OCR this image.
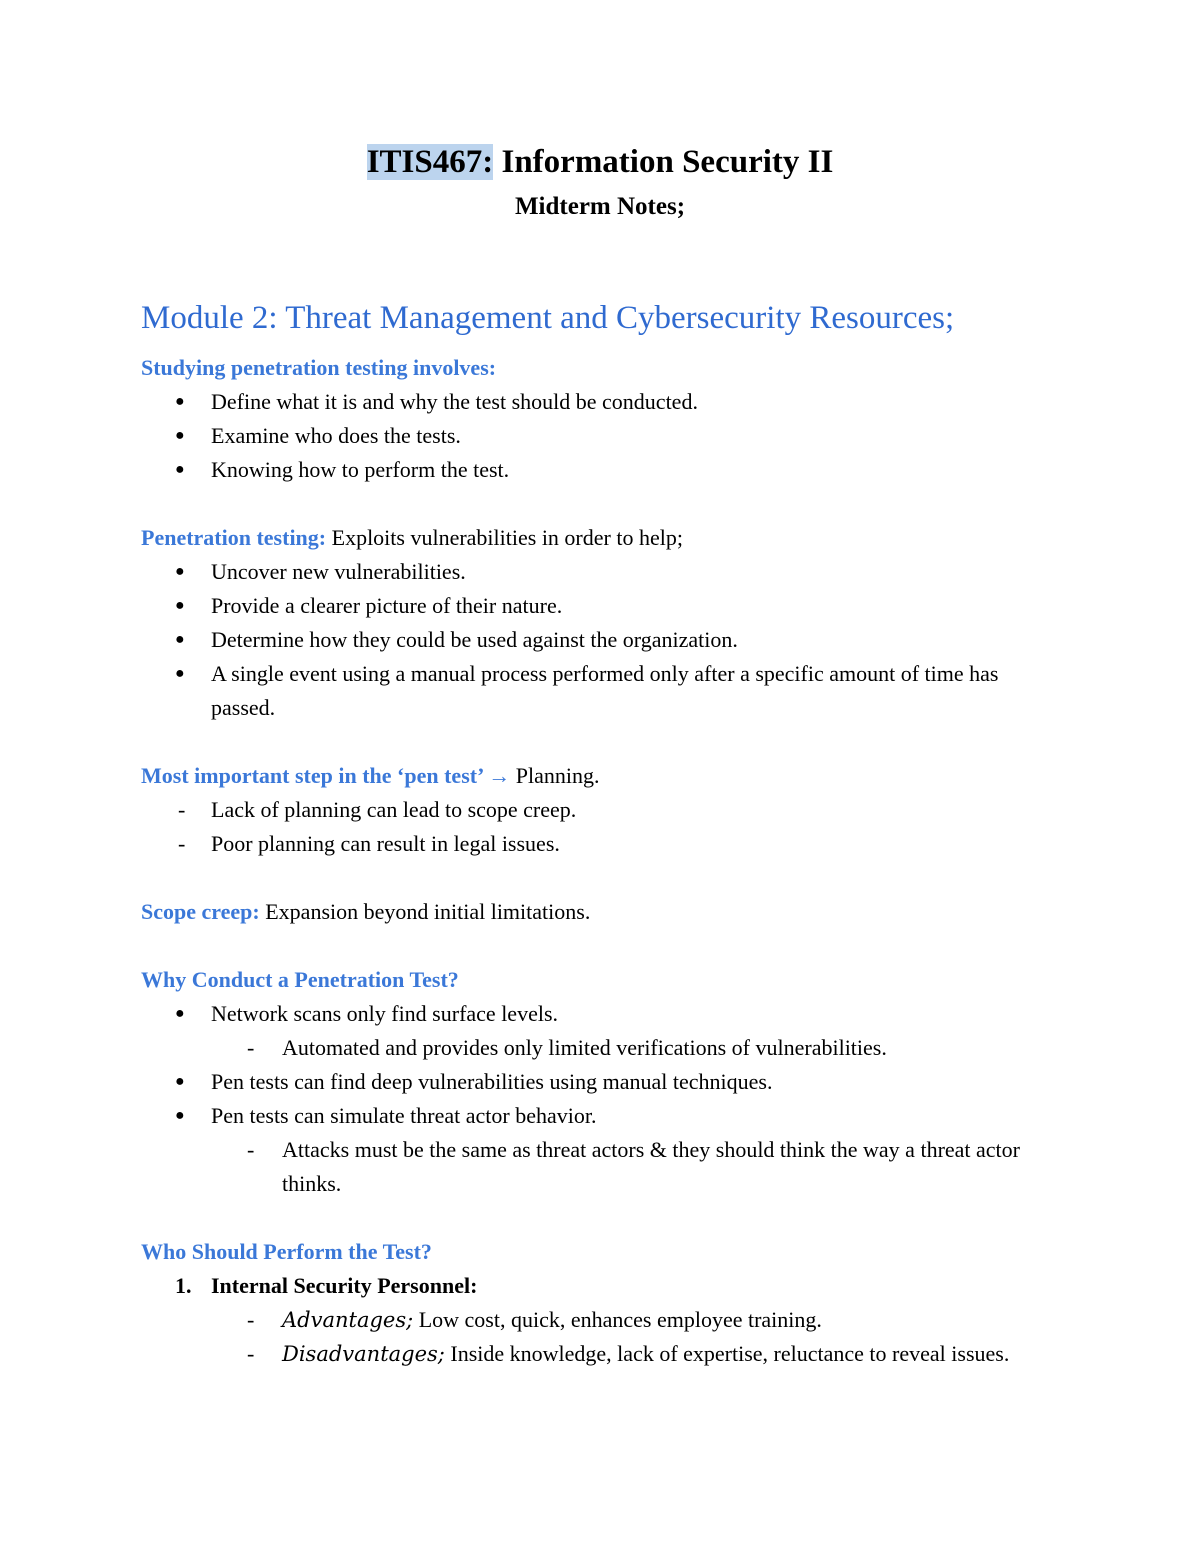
ITIS467: Information Security II
Midterm Notes;
Module 2: Threat Management and Cybersecurity Resources;
Studying penetration testing involves:
● Define what it is and why the test should be conducted.
● Examine who does the tests.
● Knowing how to perform the test.
Penetration testing: Exploits vulnerabilities in order to help;
● Uncover new vulnerabilities.
● Provide a clearer picture of their nature.
● Determine how they could be used against the organization.
● A single event using a manual process performed only after a specific amount of time has passed.
Most important step in the ‘pen test’ → Planning.
- Lack of planning can lead to scope creep.
- Poor planning can result in legal issues.
Scope creep: Expansion beyond initial limitations.
Why Conduct a Penetration Test?
● Network scans only find surface levels.
- Automated and provides only limited verifications of vulnerabilities.
● Pen tests can find deep vulnerabilities using manual techniques.
● Pen tests can simulate threat actor behavior.
- Attacks must be the same as threat actors & they should think the way a threat actor thinks.
Who Should Perform the Test?
1. Internal Security Personnel:
- Advantages; Low cost, quick, enhances employee training.
- Disadvantages; Inside knowledge, lack of expertise, reluctance to reveal issues.
